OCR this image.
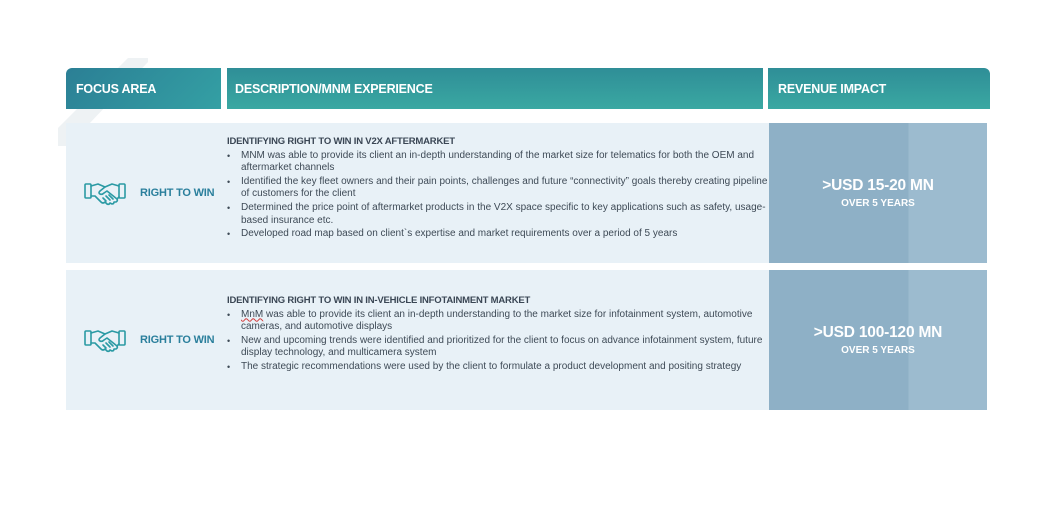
FOCUS AREA	DESCRIPTION/MNM EXPERIENCE	REVENUE IMPACT
RIGHT TO WIN
IDENTIFYING RIGHT TO WIN IN V2X AFTERMARKET
• MNM was able to provide its client an in-depth understanding of the market size for telematics for both the OEM and aftermarket channels
• Identified the key fleet owners and their pain points, challenges and future “connectivity” goals thereby creating pipeline of customers for the client
• Determined the price point of aftermarket products in the V2X space specific to key applications such as safety, usage-based insurance etc.
• Developed road map based on client`s expertise and market requirements over a period of 5 years
>USD 15-20 MN
OVER 5 YEARS
RIGHT TO WIN
IDENTIFYING RIGHT TO WIN IN IN-VEHICLE INFOTAINMENT MARKET
• MnM was able to provide its client an in-depth understanding to the market size for infotainment system, automotive cameras, and automotive displays
• New and upcoming trends were identified and prioritized for the client to focus on advance infotainment system, future display technology, and multicamera system
• The strategic recommendations were used by the client to formulate a product development and positing strategy
>USD 100-120 MN
OVER 5 YEARS
